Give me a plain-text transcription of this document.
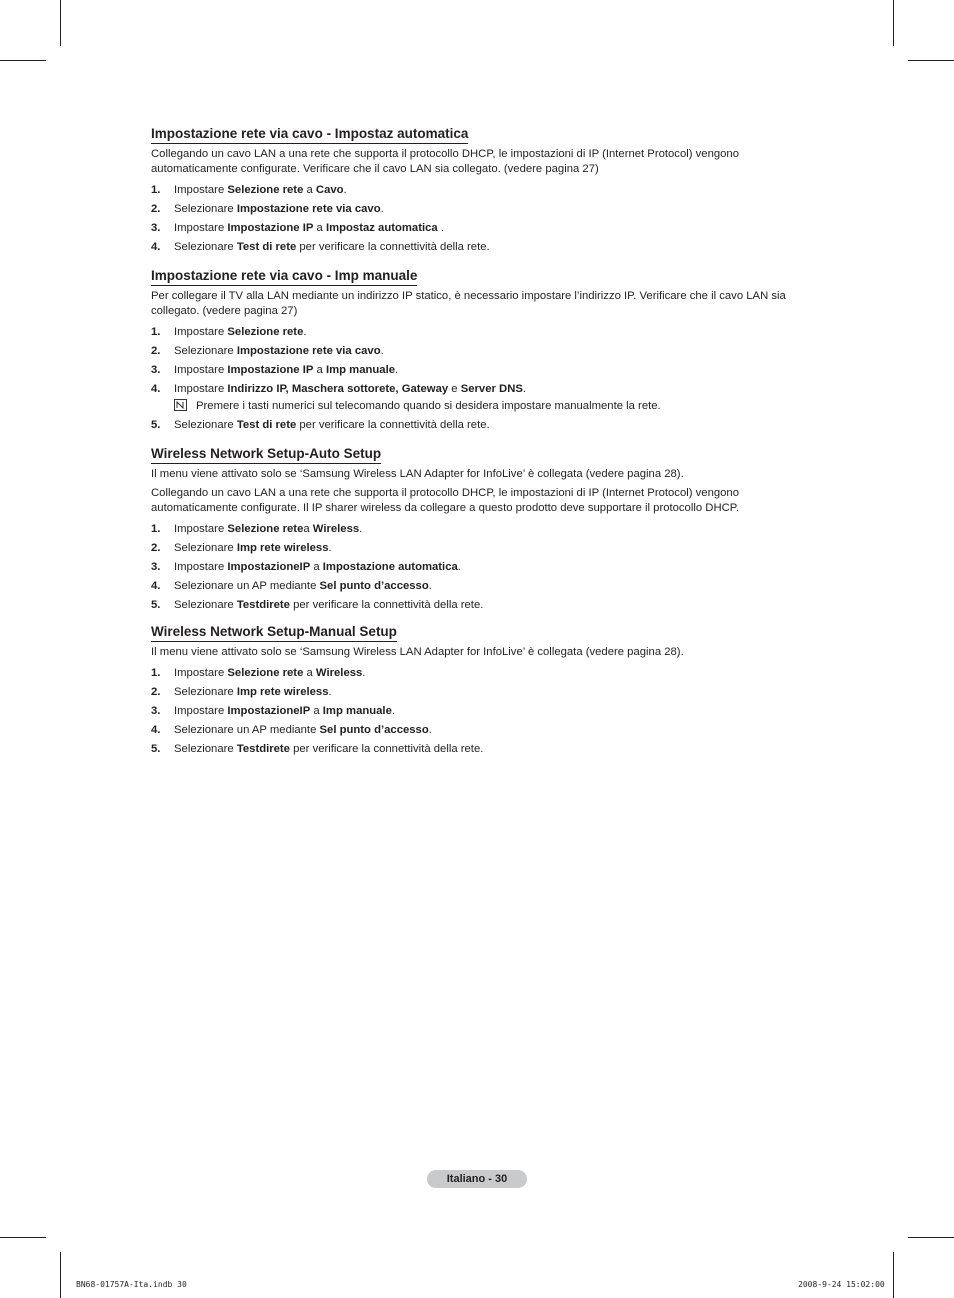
Impostazione rete via cavo - Impostaz automatica

Collegando un cavo LAN a una rete che supporta il protocollo DHCP, le impostazioni di IP (Internet Protocol) vengono automaticamente configurate. Verificare che il cavo LAN sia collegato. (vedere pagina 27)

1. Impostare Selezione rete a Cavo.
2. Selezionare Impostazione rete via cavo.
3. Impostare Impostazione IP a Impostaz automatica .
4. Selezionare Test di rete per verificare la connettività della rete.
Impostazione rete via cavo - Imp manuale

Per collegare il TV alla LAN mediante un indirizzo IP statico, è necessario impostare l’indirizzo IP. Verificare che il cavo LAN sia collegato. (vedere pagina 27)

1. Impostare Selezione rete.
2. Selezionare Impostazione rete via cavo.
3. Impostare Impostazione IP a Imp manuale.
4. Impostare Indirizzo IP, Maschera sottorete, Gateway e Server DNS.
Premere i tasti numerici sul telecomando quando si desidera impostare manualmente la rete.
5. Selezionare Test di rete per verificare la connettività della rete.
Wireless Network Setup-Auto Setup

Il menu viene attivato solo se ‘Samsung Wireless LAN Adapter for InfoLive’ è collegata (vedere pagina 28).

Collegando un cavo LAN a una rete che supporta il protocollo DHCP, le impostazioni di IP (Internet Protocol) vengono automaticamente configurate. Il IP sharer wireless da collegare a questo prodotto deve supportare il protocollo DHCP.

1. Impostare Selezione retea Wireless.
2. Selezionare Imp rete wireless.
3. Impostare ImpostazioneIP a Impostazione automatica.
4. Selezionare un AP mediante Sel punto d’accesso.
5. Selezionare Testdirete per verificare la connettività della rete.
Wireless Network Setup-Manual Setup

Il menu viene attivato solo se ‘Samsung Wireless LAN Adapter for InfoLive’ è collegata (vedere pagina 28).

1. Impostare Selezione rete a Wireless.
2. Selezionare Imp rete wireless.
3. Impostare ImpostazioneIP a Imp manuale.
4. Selezionare un AP mediante Sel punto d’accesso.
5. Selezionare Testdirete per verificare la connettività della rete.
Italiano - 30
BN68-01757A-Ita.indb 30	2008-9-24 15:02:00
